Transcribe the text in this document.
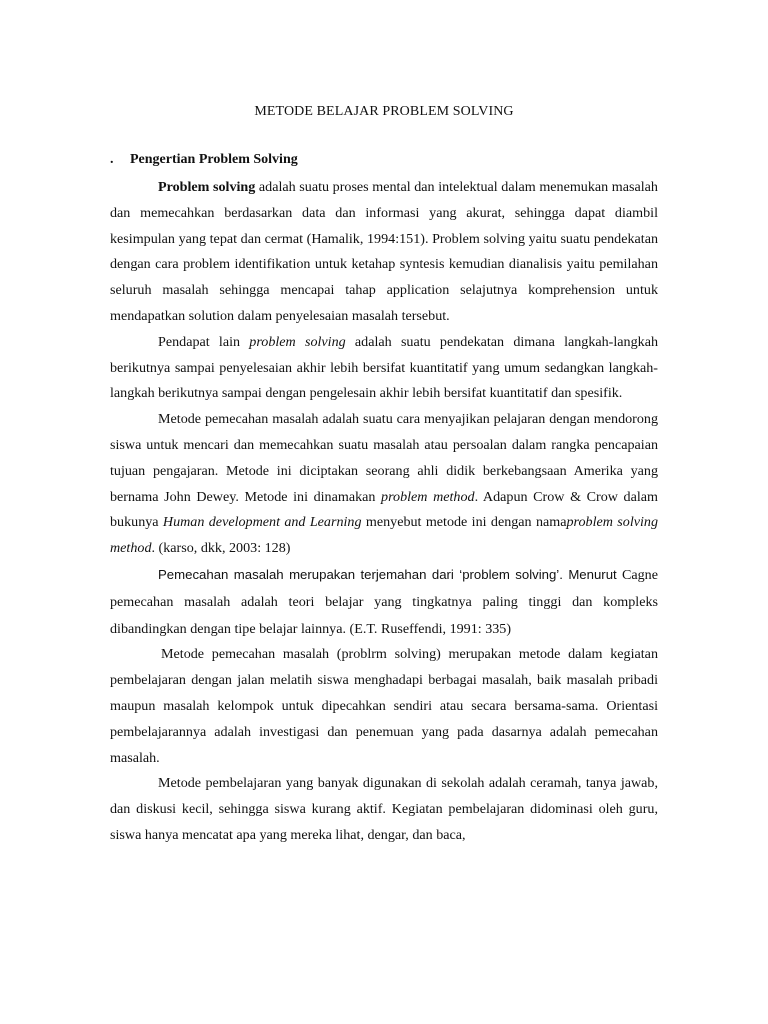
METODE BELAJAR PROBLEM SOLVING
. Pengertian Problem Solving

Problem solving adalah suatu proses mental dan intelektual dalam menemukan masalah dan memecahkan berdasarkan data dan informasi yang akurat, sehingga dapat diambil kesimpulan yang tepat dan cermat (Hamalik, 1994:151). Problem solving yaitu suatu pendekatan dengan cara problem identifikation untuk ketahap syntesis kemudian dianalisis yaitu pemilahan seluruh masalah sehingga mencapai tahap application selajutnya komprehension untuk mendapatkan solution dalam penyelesaian masalah tersebut.

Pendapat lain problem solving adalah suatu pendekatan dimana langkah-langkah berikutnya sampai penyelesaian akhir lebih bersifat kuantitatif yang umum sedangkan langkah-langkah berikutnya sampai dengan pengelesain akhir lebih bersifat kuantitatif dan spesifik.

Metode pemecahan masalah adalah suatu cara menyajikan pelajaran dengan mendorong siswa untuk mencari dan memecahkan suatu masalah atau persoalan dalam rangka pencapaian tujuan pengajaran. Metode ini diciptakan seorang ahli didik berkebangsaan Amerika yang bernama John Dewey. Metode ini dinamakan problem method. Adapun Crow & Crow dalam bukunya Human development and Learning menyebut metode ini dengan namaproblem solving method. (karso, dkk, 2003: 128)

Pemecahan masalah merupakan terjemahan dari ‘problem solving’. Menurut Cagne pemecahan masalah adalah teori belajar yang tingkatnya paling tinggi dan kompleks dibandingkan dengan tipe belajar lainnya. (E.T. Ruseffendi, 1991: 335)

Metode pemecahan masalah (problrm solving) merupakan metode dalam kegiatan pembelajaran dengan jalan melatih siswa menghadapi berbagai masalah, baik masalah pribadi maupun masalah kelompok untuk dipecahkan sendiri atau secara bersama-sama. Orientasi pembelajarannya adalah investigasi dan penemuan yang pada dasarnya adalah pemecahan masalah.

Metode pembelajaran yang banyak digunakan di sekolah adalah ceramah, tanya jawab, dan diskusi kecil, sehingga siswa kurang aktif. Kegiatan pembelajaran didominasi oleh guru, siswa hanya mencatat apa yang mereka lihat, dengar, dan baca,
